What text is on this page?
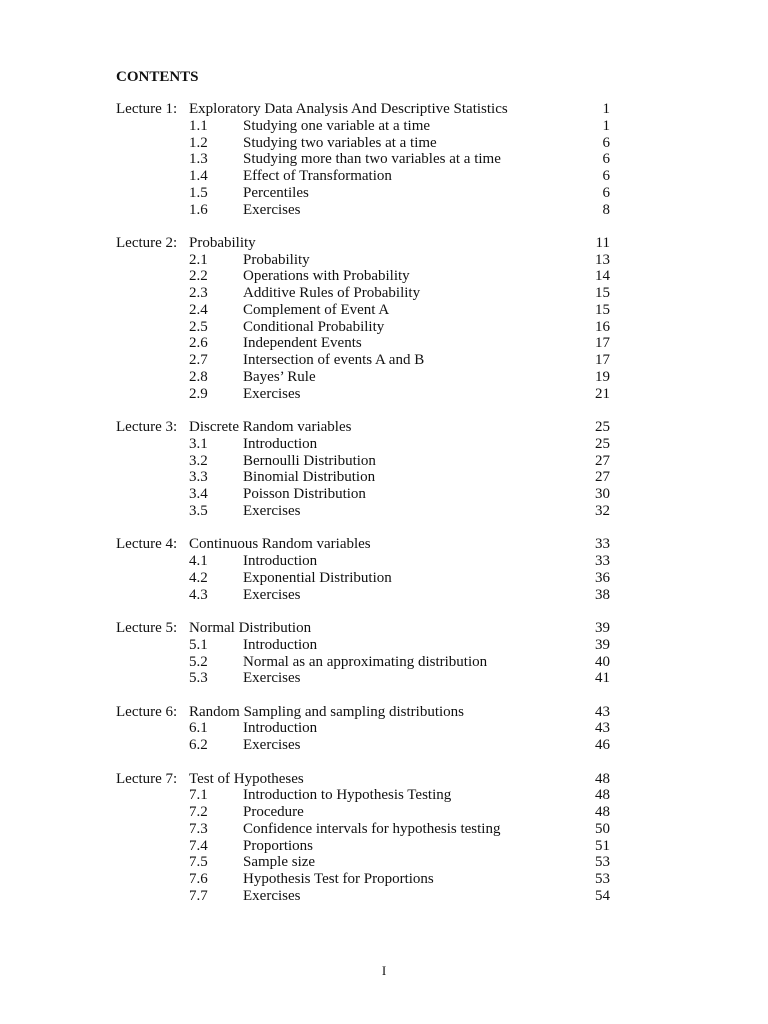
CONTENTS
Lecture 1: Exploratory Data Analysis And Descriptive Statistics	1
1.1 Studying one variable at a time	1
1.2 Studying two variables at a time	6
1.3 Studying more than two variables at a time	6
1.4 Effect of Transformation	6
1.5 Percentiles	6
1.6 Exercises	8
Lecture 2: Probability	11
2.1 Probability	13
2.2 Operations with Probability	14
2.3 Additive Rules of Probability	15
2.4 Complement of Event A	15
2.5 Conditional Probability	16
2.6 Independent Events	17
2.7 Intersection of events A and B	17
2.8 Bayes’ Rule	19
2.9 Exercises	21
Lecture 3: Discrete Random variables	25
3.1 Introduction	25
3.2 Bernoulli Distribution	27
3.3 Binomial Distribution	27
3.4 Poisson Distribution	30
3.5 Exercises	32
Lecture 4: Continuous Random variables	33
4.1 Introduction	33
4.2 Exponential Distribution	36
4.3 Exercises	38
Lecture 5: Normal Distribution	39
5.1 Introduction	39
5.2 Normal as an approximating distribution	40
5.3 Exercises	41
Lecture 6: Random Sampling and sampling distributions	43
6.1 Introduction	43
6.2 Exercises	46
Lecture 7: Test of Hypotheses	48
7.1 Introduction to Hypothesis Testing	48
7.2 Procedure	48
7.3 Confidence intervals for hypothesis testing	50
7.4 Proportions	51
7.5 Sample size	53
7.6 Hypothesis Test for Proportions	53
7.7 Exercises	54
I
